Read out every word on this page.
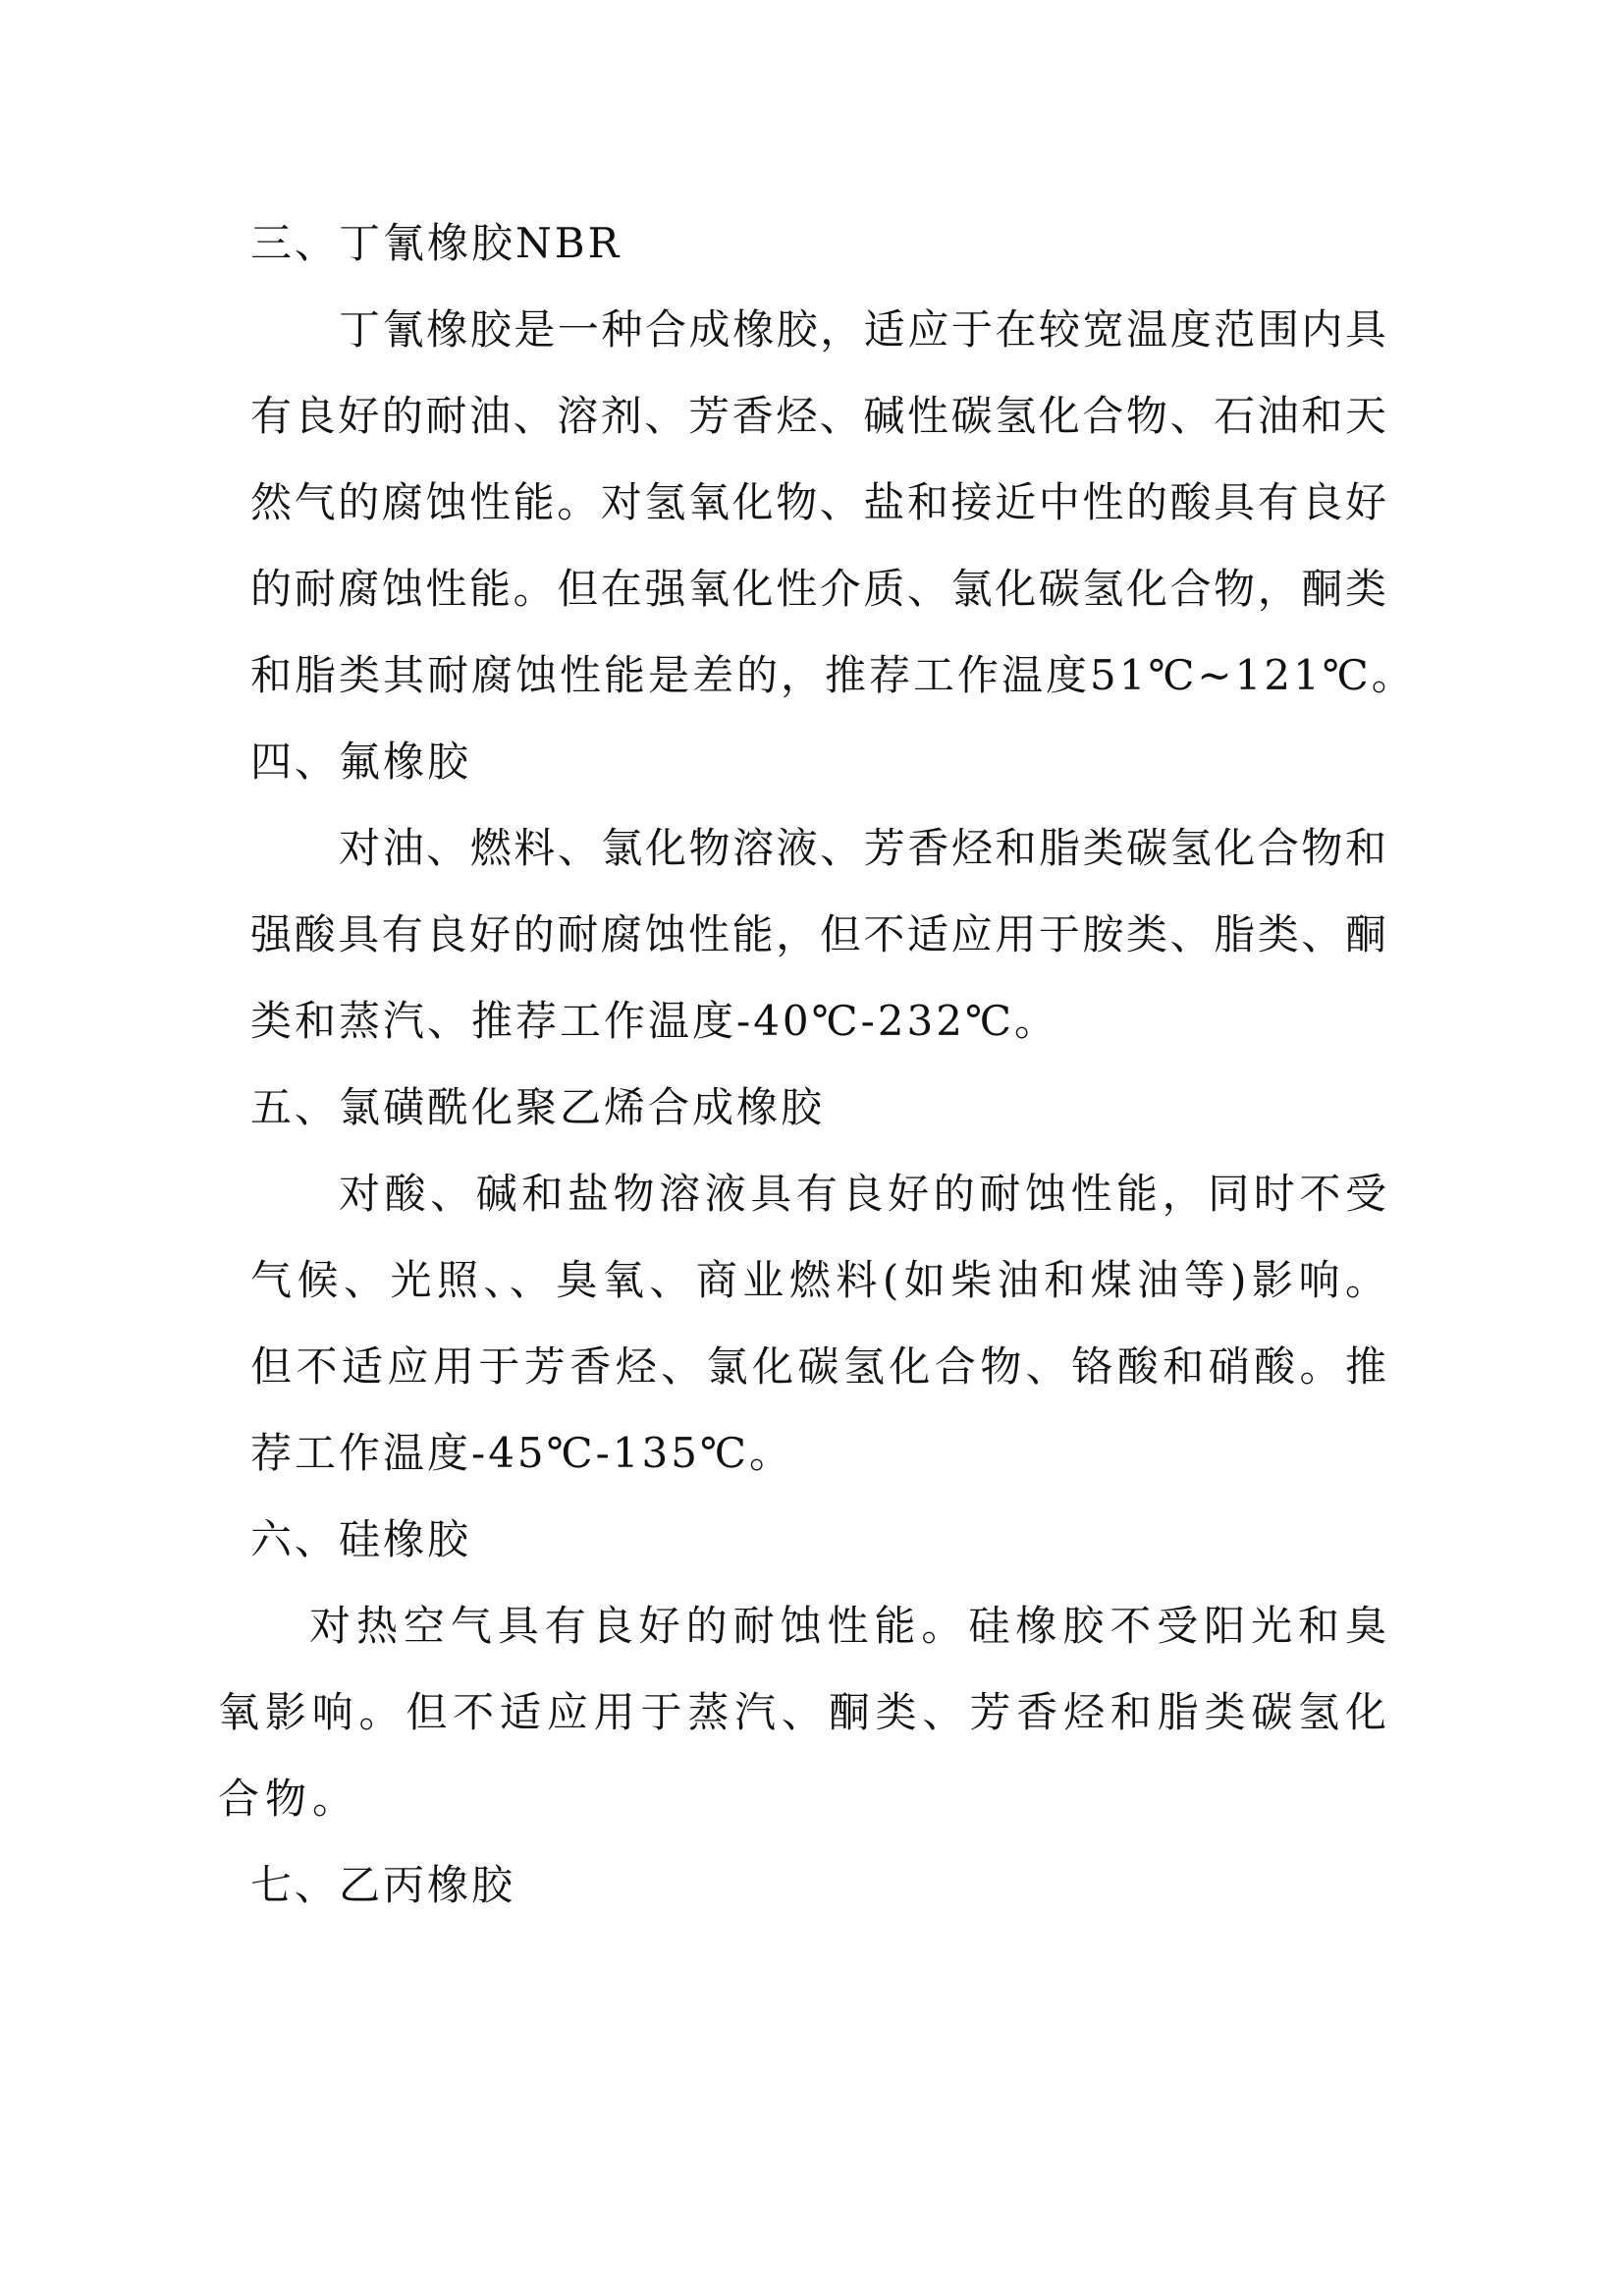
三、丁氰橡胶NBR
丁氰橡胶是一种合成橡胶，适应于在较宽温度范围内具
有良好的耐油、溶剂、芳香烃、碱性碳氢化合物、石油和天
然气的腐蚀性能。对氢氧化物、盐和接近中性的酸具有良好
的耐腐蚀性能。但在强氧化性介质、氯化碳氢化合物，酮类
和脂类其耐腐蚀性能是差的，推荐工作温度51℃~121℃。
四、氟橡胶
对油、燃料、氯化物溶液、芳香烃和脂类碳氢化合物和
强酸具有良好的耐腐蚀性能，但不适应用于胺类、脂类、酮
类和蒸汽、推荐工作温度-40℃-232℃。
五、氯磺酰化聚乙烯合成橡胶
对酸、碱和盐物溶液具有良好的耐蚀性能，同时不受
气候、光照、、臭氧、商业燃料(如柴油和煤油等)影响。
但不适应用于芳香烃、氯化碳氢化合物、铬酸和硝酸。推
荐工作温度-45℃-135℃。
六、硅橡胶
对热空气具有良好的耐蚀性能。硅橡胶不受阳光和臭
氧影响。但不适应用于蒸汽、酮类、芳香烃和脂类碳氢化
合物。
七、乙丙橡胶
